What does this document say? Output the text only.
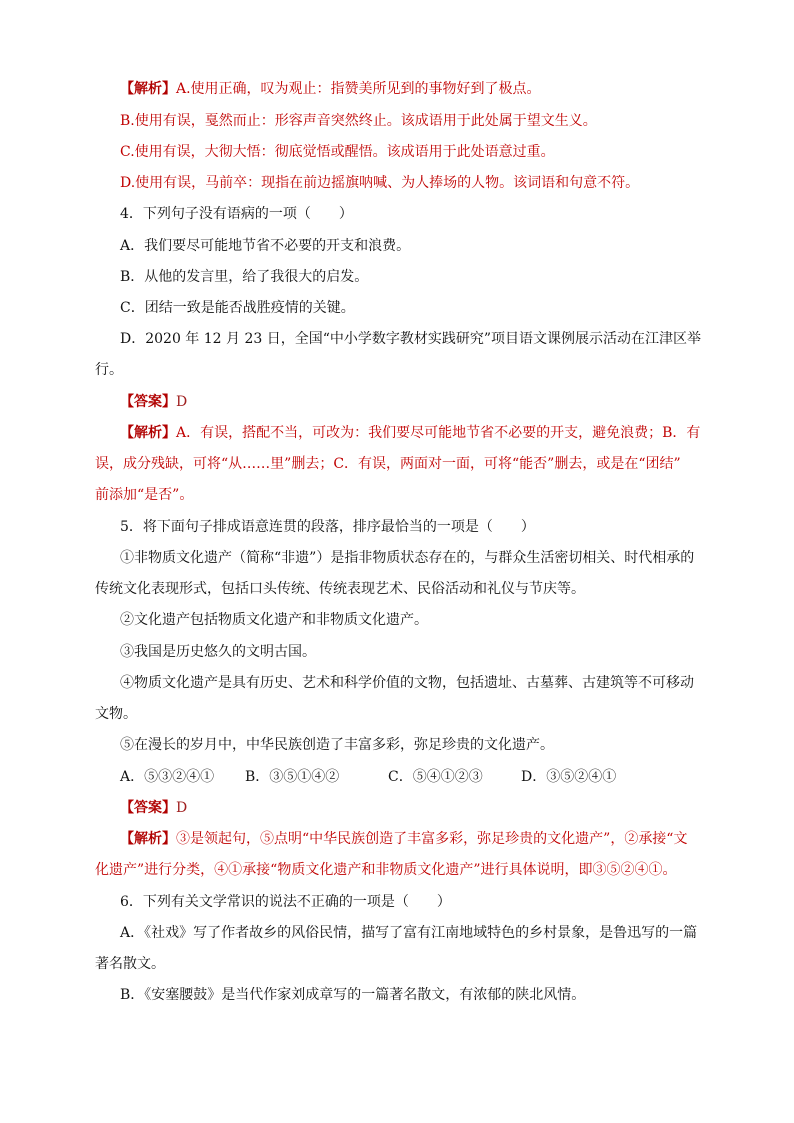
【解析】A.使用正确，叹为观止：指赞美所见到的事物好到了极点。
B.使用有误，戛然而止：形容声音突然终止。该成语用于此处属于望文生义。
C.使用有误，大彻大悟：彻底觉悟或醒悟。该成语用于此处语意过重。
D.使用有误，马前卒：现指在前边摇旗呐喊、为人捧场的人物。该词语和句意不符。
4．下列句子没有语病的一项（　　）
A．我们要尽可能地节省不必要的开支和浪费。
B．从他的发言里，给了我很大的启发。
C．团结一致是能否战胜疫情的关键。
D．2020 年 12 月 23 日，全国“中小学数字教材实践研究”项目语文课例展示活动在江津区举
行。
【答案】D
【解析】A．有误，搭配不当，可改为：我们要尽可能地节省不必要的开支，避免浪费；B．有
误，成分残缺，可将“从……里”删去；C．有误，两面对一面，可将“能否”删去，或是在“团结”
前添加“是否”。
5．将下面句子排成语意连贯的段落，排序最恰当的一项是（　　）
①非物质文化遗产（简称“非遗”）是指非物质状态存在的，与群众生活密切相关、时代相承的
传统文化表现形式，包括口头传统、传统表现艺术、民俗活动和礼仪与节庆等。
②文化遗产包括物质文化遗产和非物质文化遗产。
③我国是历史悠久的文明古国。
④物质文化遗产是具有历史、艺术和科学价值的文物，包括遗址、古墓葬、古建筑等不可移动
文物。
⑤在漫长的岁月中，中华民族创造了丰富多彩，弥足珍贵的文化遗产。
A．⑤③②④① B．③⑤①④②	C．⑤④①②③	D．③⑤②④①
【答案】D
【解析】③是领起句，⑤点明“中华民族创造了丰富多彩，弥足珍贵的文化遗产”，②承接“文
化遗产”进行分类，④①承接“物质文化遗产和非物质文化遗产”进行具体说明，即③⑤②④①。
6．下列有关文学常识的说法不正确的一项是（　　）
A．《社戏》写了作者故乡的风俗民情，描写了富有江南地域特色的乡村景象，是鲁迅写的一篇
著名散文。
B．《安塞腰鼓》是当代作家刘成章写的一篇著名散文，有浓郁的陕北风情。
